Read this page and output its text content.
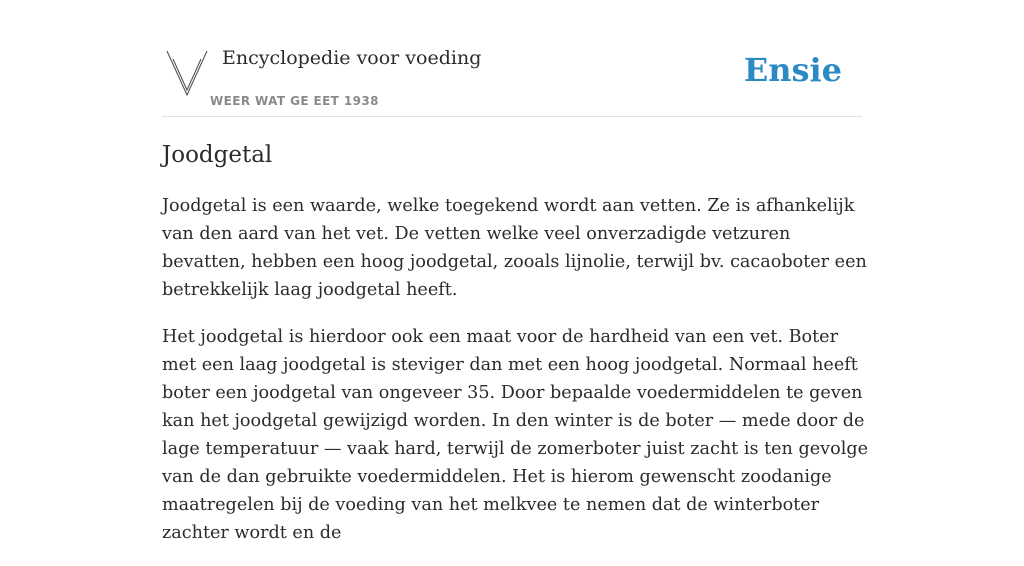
Encyclopedie voor voeding
WEER WAT GE EET 1938
Ensie
Joodgetal

Joodgetal is een waarde, welke toegekend wordt aan vetten. Ze is afhankelijk van den aard van het vet. De vetten welke veel onverzadigde vetzuren bevatten, hebben een hoog joodgetal, zooals lijnolie, terwijl bv. cacaoboter een betrekkelijk laag joodgetal heeft.

Het joodgetal is hierdoor ook een maat voor de hardheid van een vet. Boter met een laag joodgetal is steviger dan met een hoog joodgetal. Normaal heeft boter een joodgetal van ongeveer 35. Door bepaalde voedermiddelen te geven kan het joodgetal gewijzigd worden. In den winter is de boter — mede door de lage temperatuur — vaak hard, terwijl de zomerboter juist zacht is ten gevolge van de dan gebruikte voedermiddelen. Het is hierom gewenscht zoodanige maatregelen bij de voeding van het melkvee te nemen dat de winterboter zachter wordt en de
